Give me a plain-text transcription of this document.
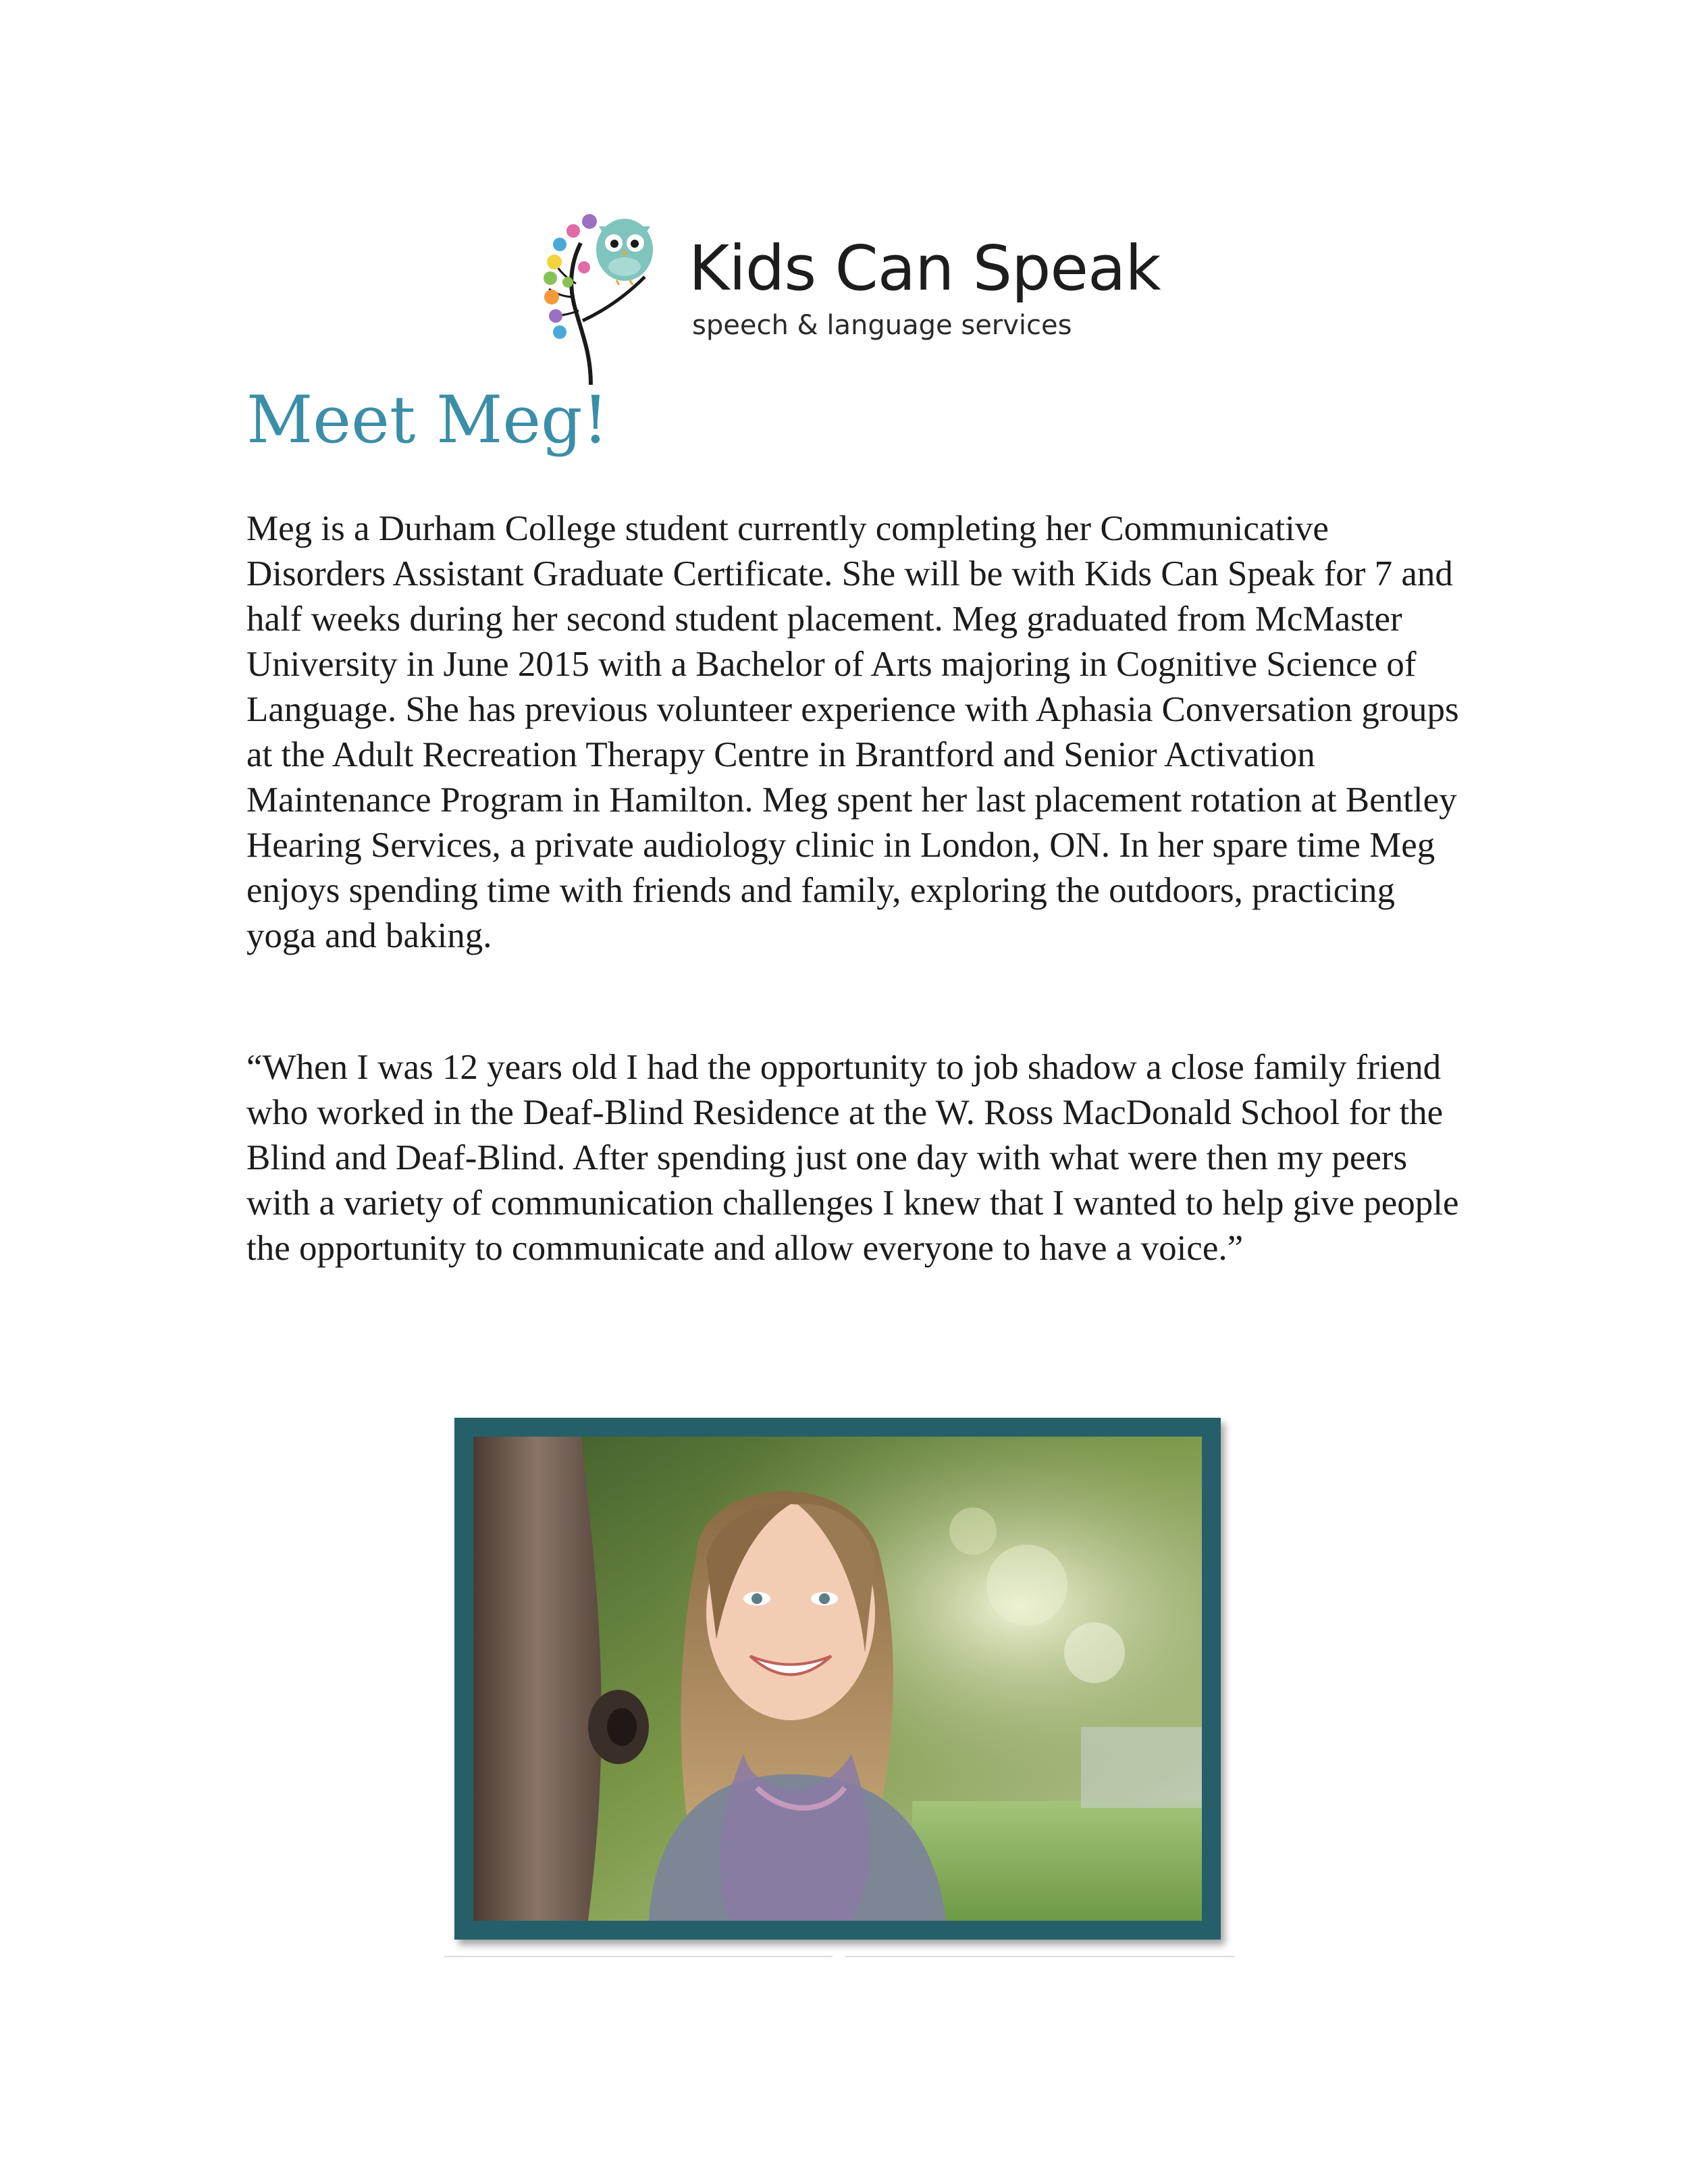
Kids Can Speak
speech & language services
Meet Meg!

Meg is a Durham College student currently completing her Communicative Disorders Assistant Graduate Certificate. She will be with Kids Can Speak for 7 and half weeks during her second student placement. Meg graduated from McMaster University in June 2015 with a Bachelor of Arts majoring in Cognitive Science of Language. She has previous volunteer experience with Aphasia Conversation groups at the Adult Recreation Therapy Centre in Brantford and Senior Activation Maintenance Program in Hamilton. Meg spent her last placement rotation at Bentley Hearing Services, a private audiology clinic in London, ON. In her spare time Meg enjoys spending time with friends and family, exploring the outdoors, practicing yoga and baking.

“When I was 12 years old I had the opportunity to job shadow a close family friend who worked in the Deaf-Blind Residence at the W. Ross MacDonald School for the Blind and Deaf-Blind. After spending just one day with what were then my peers with a variety of communication challenges I knew that I wanted to help give people the opportunity to communicate and allow everyone to have a voice.”
